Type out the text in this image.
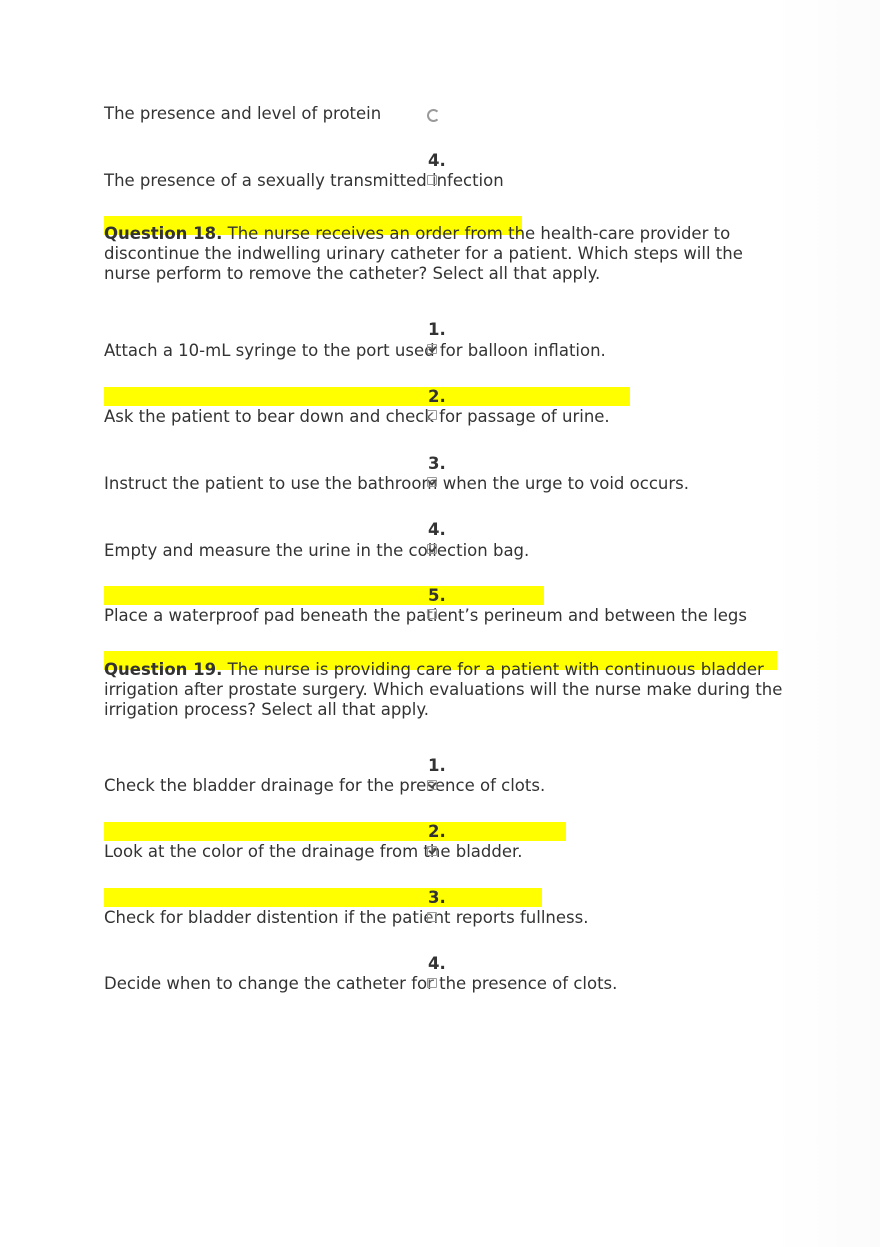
The presence and level of protein
4.
The presence of a sexually transmitted infection
Question 18. The nurse receives an order from the health-care provider to discontinue the indwelling urinary catheter for a patient. Which steps will the nurse perform to remove the catheter? Select all that apply.
1.
Attach a 10-mL syringe to the port used for balloon inflation.
2.
Ask the patient to bear down and check for passage of urine.
3.
Instruct the patient to use the bathroom when the urge to void occurs.
4.
Empty and measure the urine in the collection bag.
5.
Place a waterproof pad beneath the patient’s perineum and between the legs
Question 19. The nurse is providing care for a patient with continuous bladder irrigation after prostate surgery. Which evaluations will the nurse make during the irrigation process? Select all that apply.
1.
Check the bladder drainage for the presence of clots.
2.
Look at the color of the drainage from the bladder.
3.
Check for bladder distention if the patient reports fullness.
4.
Decide when to change the catheter for the presence of clots.
